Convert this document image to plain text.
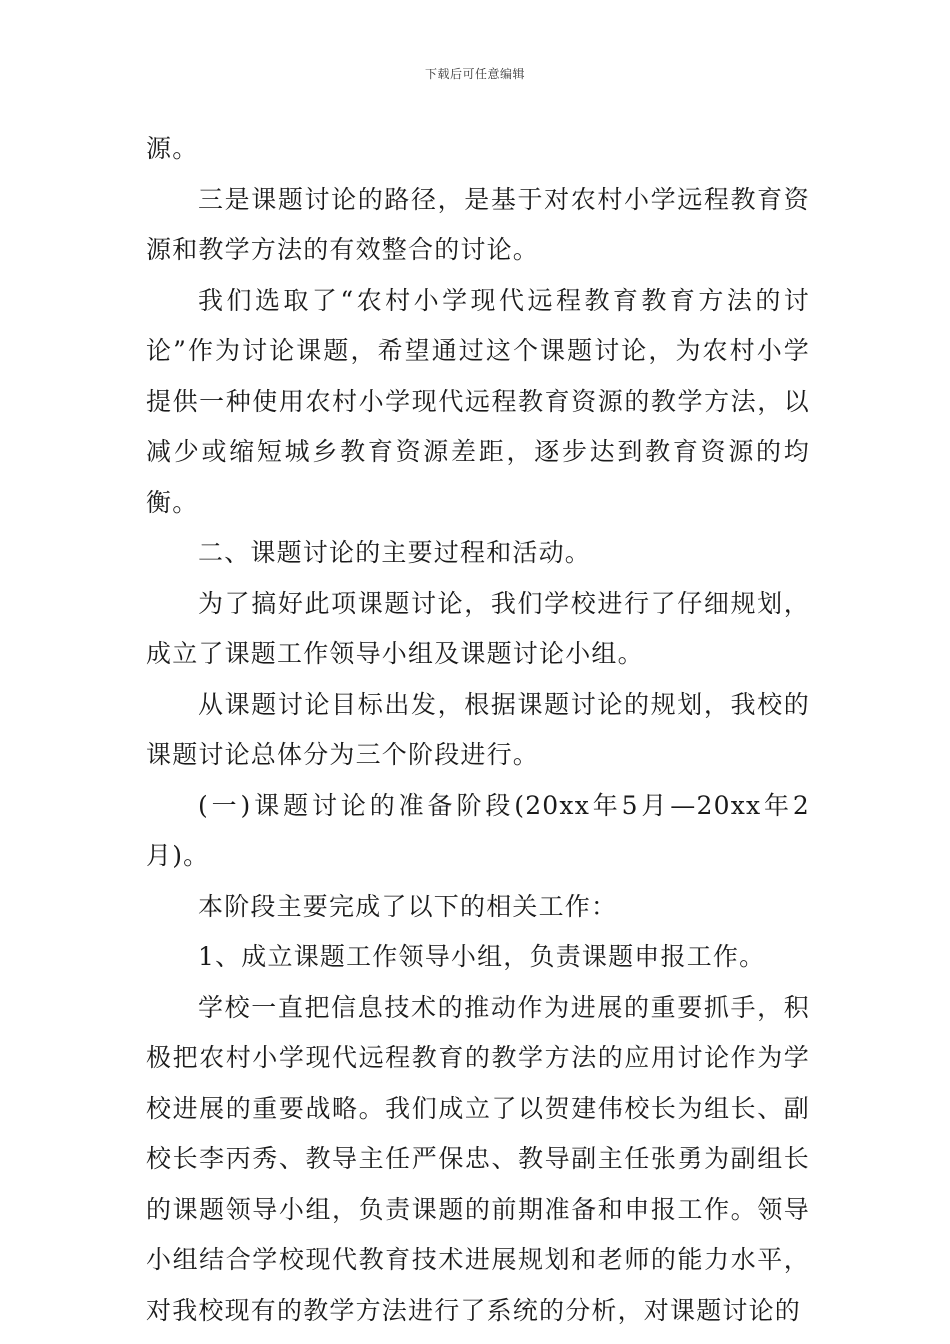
下载后可任意编辑

源。

三是课题讨论的路径，是基于对农村小学远程教育资源和教学方法的有效整合的讨论。

我们选取了“农村小学现代远程教育教育方法的讨论”作为讨论课题，希望通过这个课题讨论，为农村小学提供一种使用农村小学现代远程教育资源的教学方法，以减少或缩短城乡教育资源差距，逐步达到教育资源的均衡。

二、课题讨论的主要过程和活动。

为了搞好此项课题讨论，我们学校进行了仔细规划，成立了课题工作领导小组及课题讨论小组。

从课题讨论目标出发，根据课题讨论的规划，我校的课题讨论总体分为三个阶段进行。

(一)课题讨论的准备阶段(20xx年5月—20xx年2月)。

本阶段主要完成了以下的相关工作：

1、成立课题工作领导小组，负责课题申报工作。

学校一直把信息技术的推动作为进展的重要抓手，积极把农村小学现代远程教育的教学方法的应用讨论作为学校进展的重要战略。我们成立了以贺建伟校长为组长、副校长李丙秀、教导主任严保忠、教导副主任张勇为副组长的课题领导小组，负责课题的前期准备和申报工作。领导小组结合学校现代教育技术进展规划和老师的能力水平，对我校现有的教学方法进行了系统的分析，对课题讨论的
